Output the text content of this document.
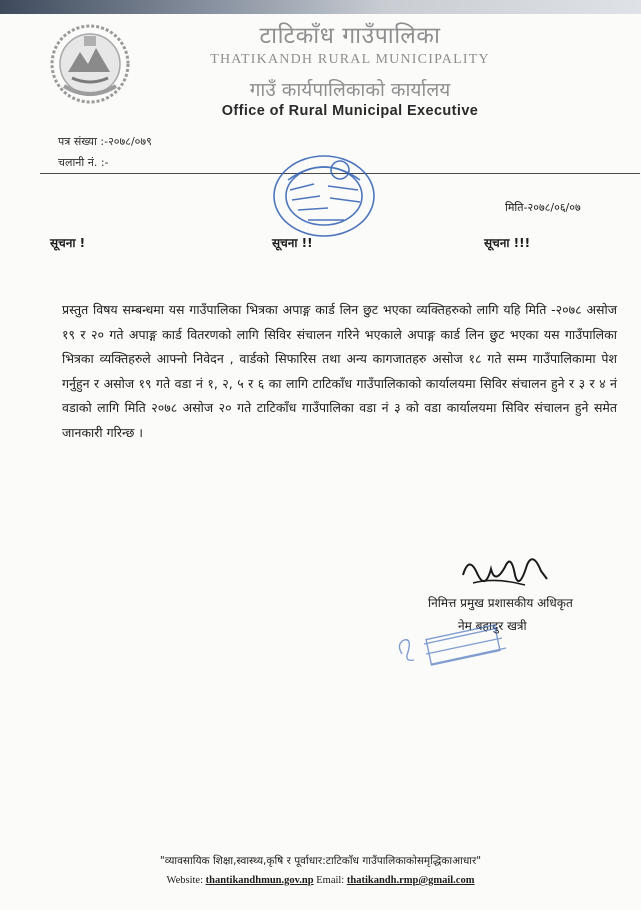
टाटिकाँध गाउँपालिका
THATIKANDH RURAL MUNICIPALITY
गाउँ कार्यपालिकाको कार्यालय
Office of Rural Municipal Executive
पत्र संख्या :-२०७८/०७९
चलानी नं. :-
मिति-२०७८/०६/०७
सूचना !	सूचना !!	सूचना !!!
प्रस्तुत विषय सम्बन्धमा यस गाउँपालिका भित्रका अपाङ्ग कार्ड लिन छुट भएका व्यक्तिहरुको लागि यहि मिति -२०७८ असोज १९ र २० गते अपाङ्ग कार्ड वितरणको लागि सिविर संचालन गरिने भएकाले अपाङ्ग कार्ड लिन छुट भएका यस गाउँपालिका भित्रका व्यक्तिहरुले आफ्नो निवेदन , वार्डको सिफारिस तथा अन्य कागजातहरु असोज १८ गते सम्म गाउँपालिकामा पेश गर्नुहुन र असोज १९ गते वडा नं १, २, ५ र ६ का लागि टाटिकाँध गाउँपालिकाको कार्यालयमा सिविर संचालन हुने र ३ र ४ नं वडाको लागि मिति २०७८ असोज २० गते टाटिकाँध गाउँपालिका वडा नं ३ को वडा कार्यालयमा सिविर संचालन हुने समेत जानकारी गरिन्छ ।
निमित्त प्रमुख प्रशासकीय अधिकृत
नेम बहादुर खत्री
"व्यावसायिक शिक्षा,स्वास्थ्य,कृषि र पूर्वाधार:टाटिकाँध गाउँपालिकाकोसमृद्धिकाआधार"
Website: thantikandhmun.gov.np Email: thatikandh.rmp@gmail.com
